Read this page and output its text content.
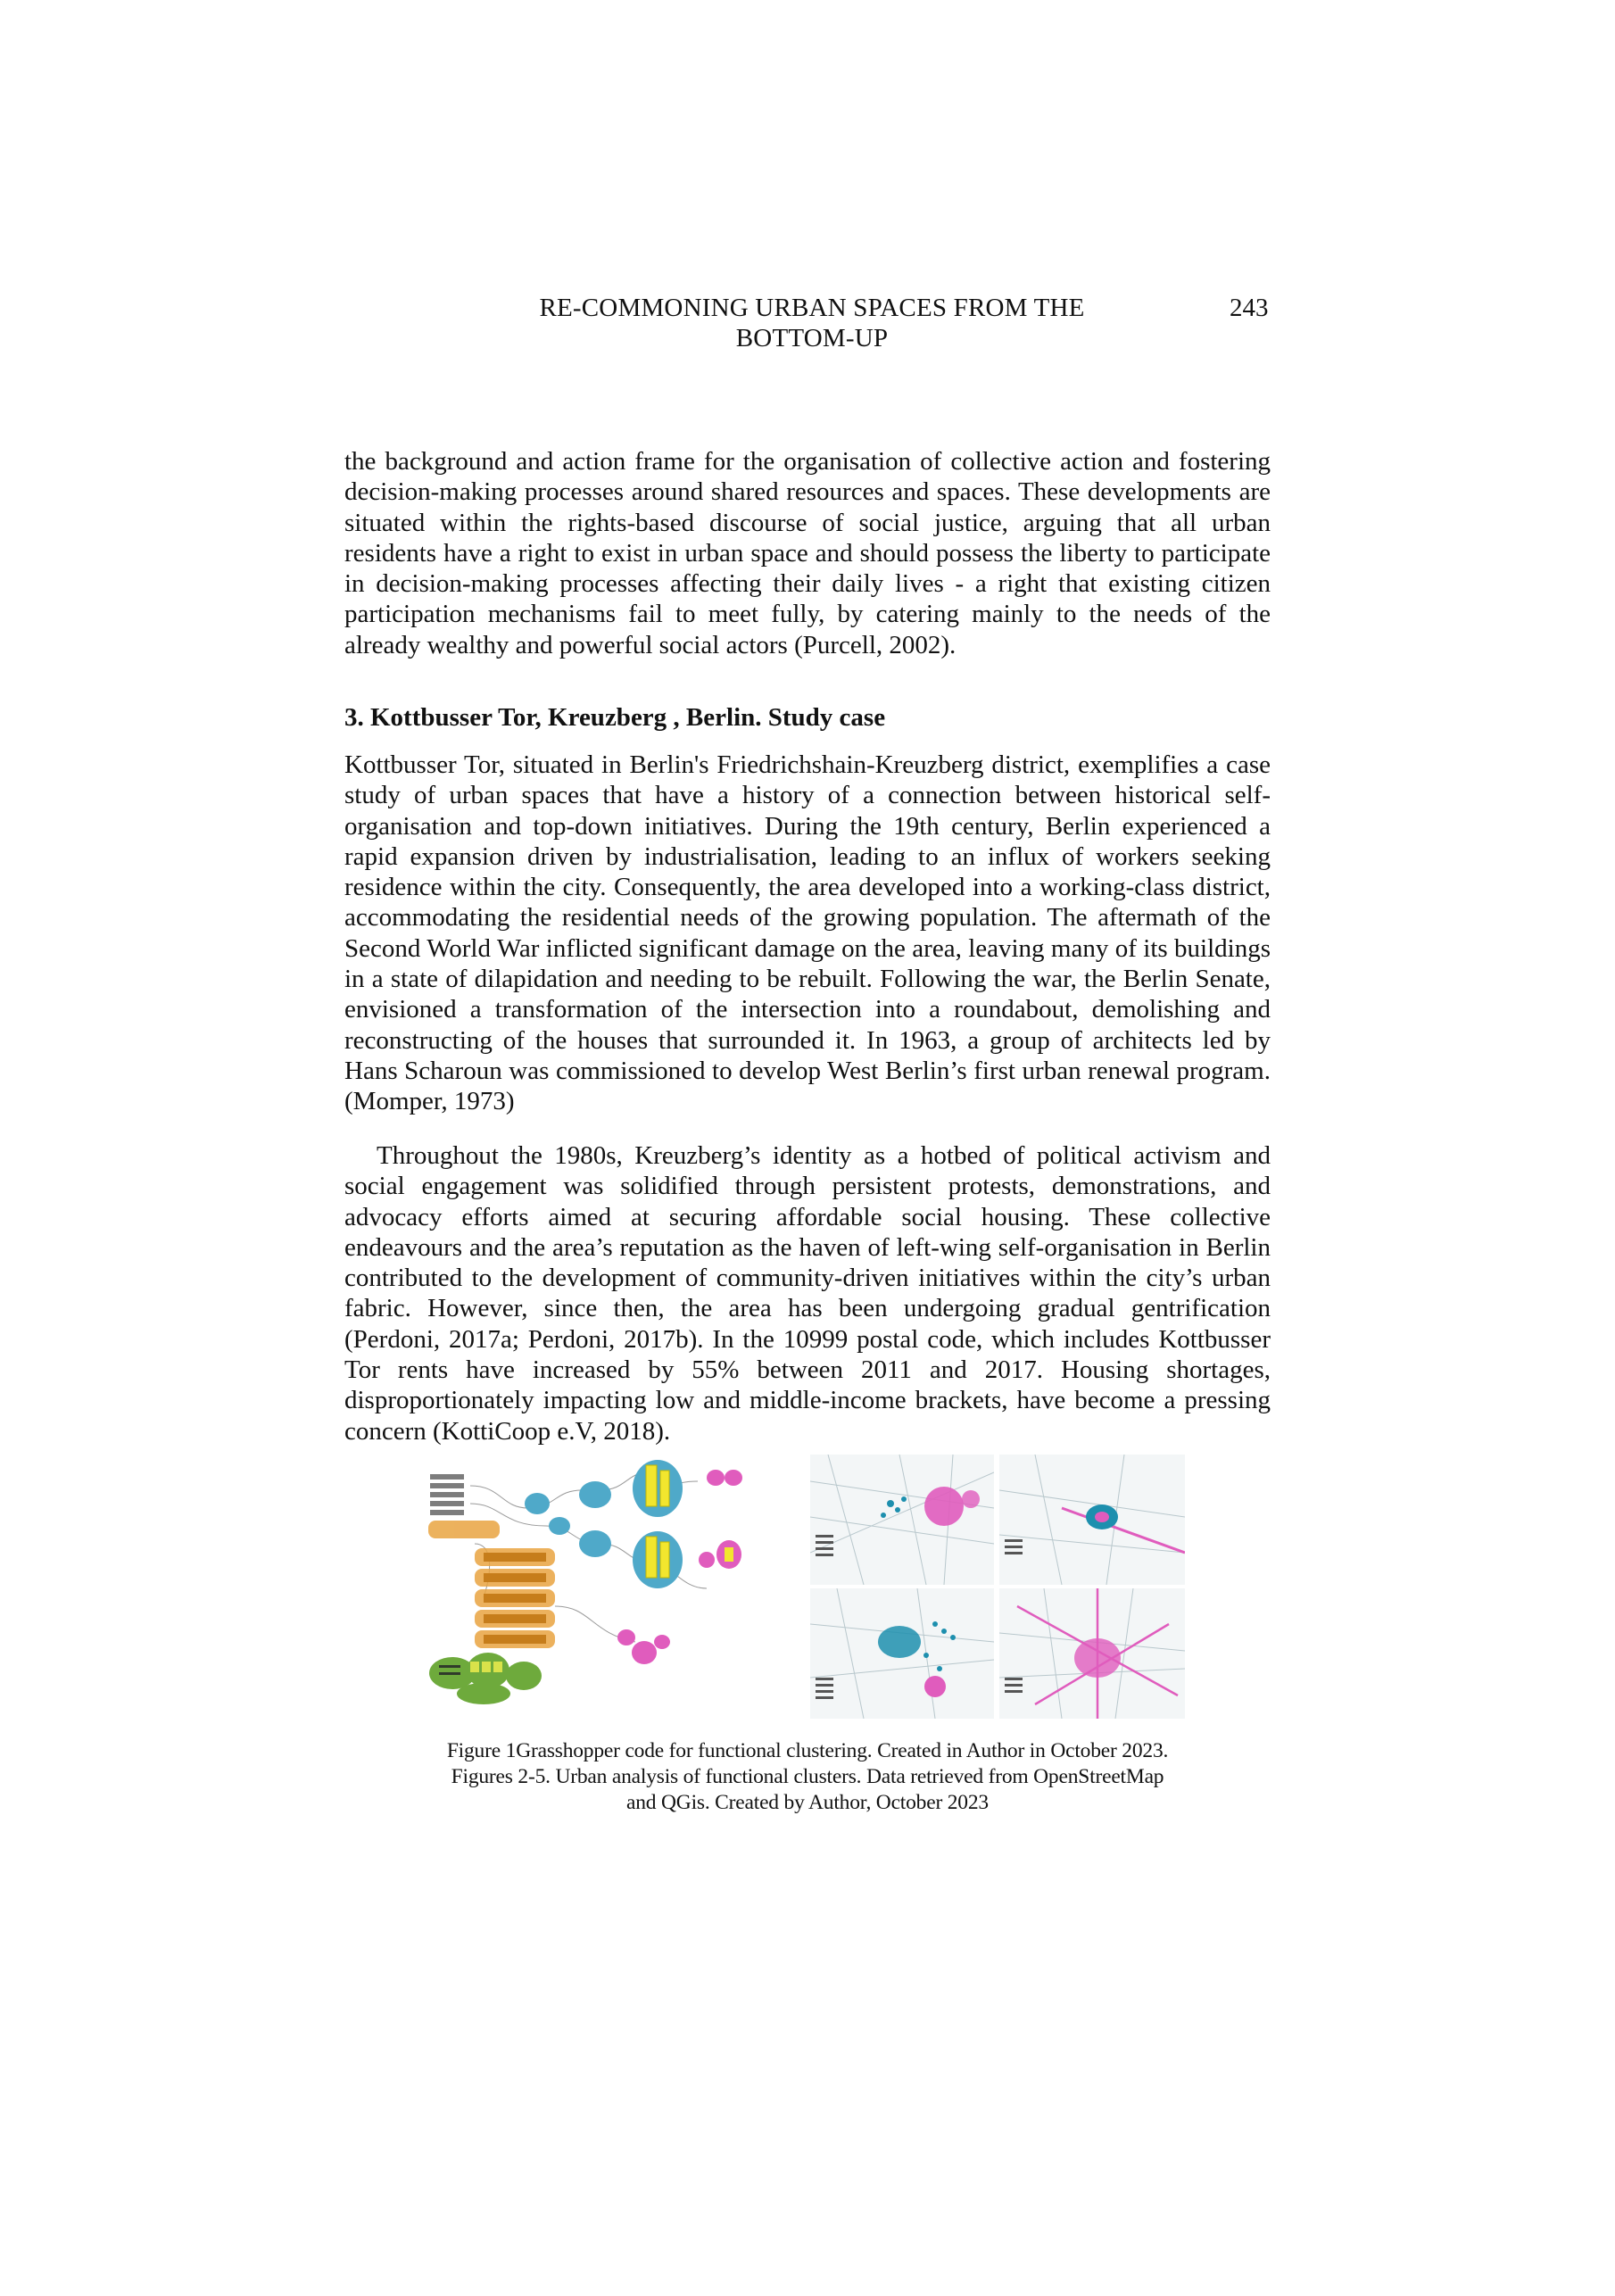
RE-COMMONING URBAN SPACES FROM THE
BOTTOM-UP
243

the background and action frame for the organisation of collective action and fostering decision-making processes around shared resources and spaces. These developments are situated within the rights-based discourse of social justice, arguing that all urban residents have a right to exist in urban space and should possess the liberty to participate in decision-making processes affecting their daily lives - a right that existing citizen participation mechanisms fail to meet fully, by catering mainly to the needs of the already wealthy and powerful social actors (Purcell, 2002).

3. Kottbusser Tor, Kreuzberg , Berlin. Study case

Kottbusser Tor, situated in Berlin's Friedrichshain-Kreuzberg district, exemplifies a case study of urban spaces that have a history of a connection between historical self-organisation and top-down initiatives. During the 19th century, Berlin experienced a rapid expansion driven by industrialisation, leading to an influx of workers seeking residence within the city. Consequently, the area developed into a working-class district, accommodating the residential needs of the growing population. The aftermath of the Second World War inflicted significant damage on the area, leaving many of its buildings in a state of dilapidation and needing to be rebuilt. Following the war, the Berlin Senate, envisioned a transformation of the intersection into a roundabout, demolishing and reconstructing of the houses that surrounded it. In 1963, a group of architects led by Hans Scharoun was commissioned to develop West Berlin’s first urban renewal program. (Momper, 1973)

Throughout the 1980s, Kreuzberg’s identity as a hotbed of political activism and social engagement was solidified through persistent protests, demonstrations, and advocacy efforts aimed at securing affordable social housing. These collective endeavours and the area’s reputation as the haven of left-wing self-organisation in Berlin contributed to the development of community-driven initiatives within the city’s urban fabric. However, since then, the area has been undergoing gradual gentrification (Perdoni, 2017a; Perdoni, 2017b). In the 10999 postal code, which includes Kottbusser Tor rents have increased by 55% between 2011 and 2017. Housing shortages, disproportionately impacting low and middle-income brackets, have become a pressing concern (KottiCoop e.V, 2018).

Figure 1Grasshopper code for functional clustering. Created in Author in October 2023.
Figures 2-5. Urban analysis of functional clusters. Data retrieved from OpenStreetMap
and QGis. Created by Author, October 2023
